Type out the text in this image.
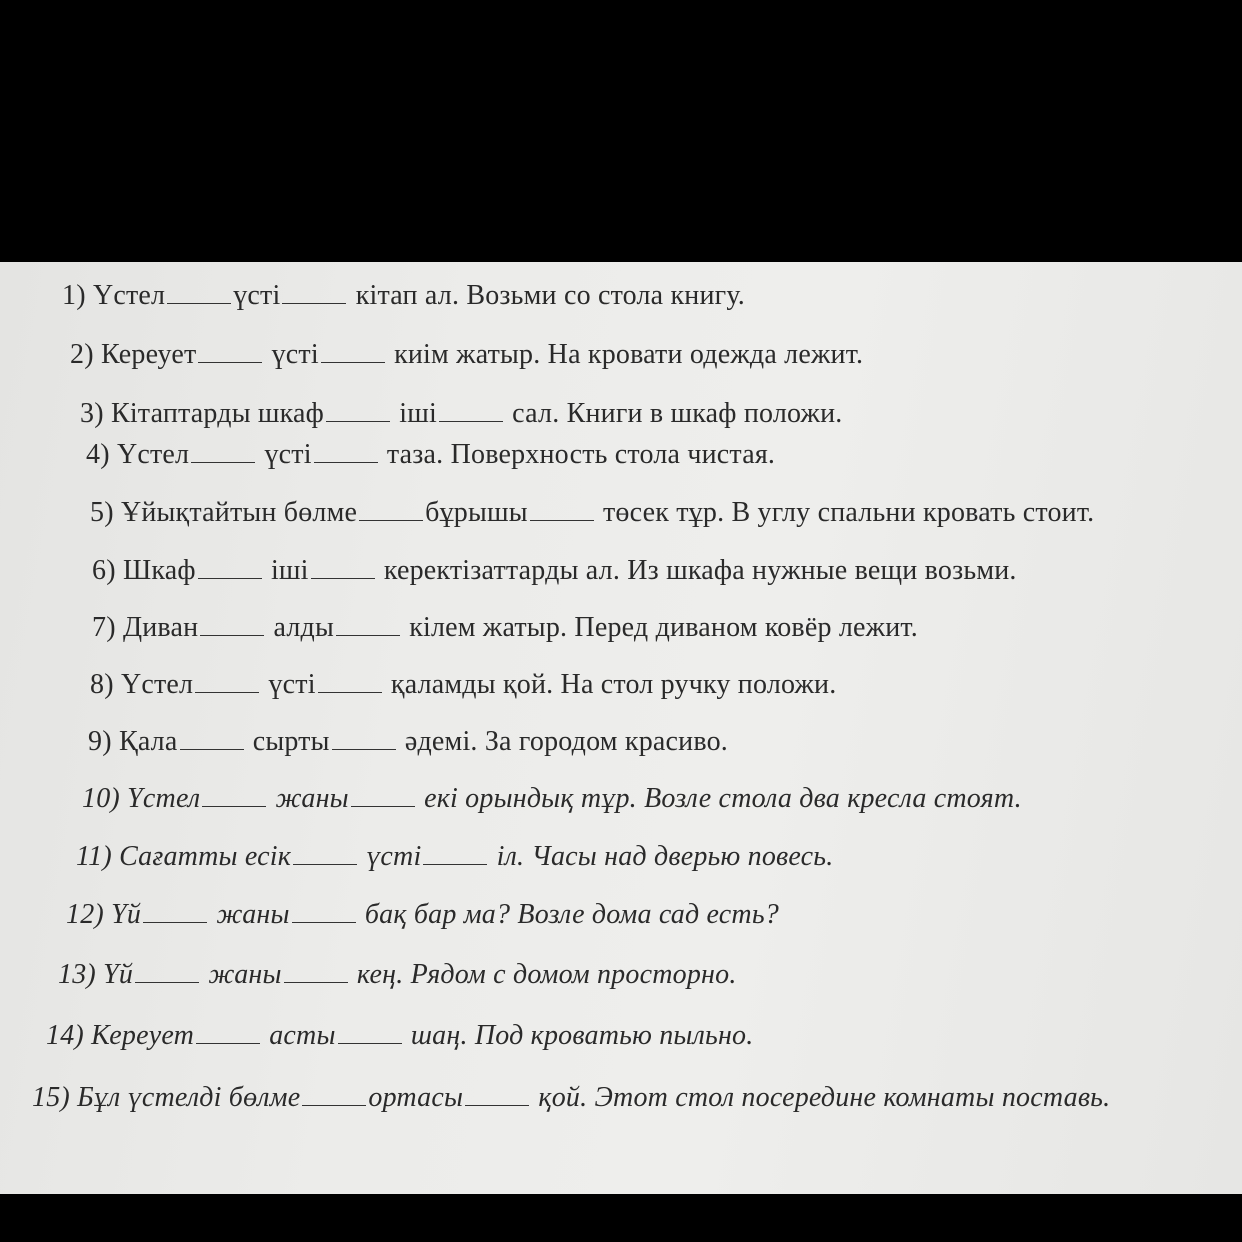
1) Үстел үсті	кітап ал. Возьми со стола книгу.
2) Кереует	үсті	киім жатыр. На кровати одежда лежит.
3) Кітаптарды шкаф	іші	сал. Книги в шкаф положи.
4) Үстел	үсті	таза. Поверхность стола чистая.
5) Ұйықтайтын бөлме бұрышы	төсек тұр. В углу спальни кровать стоит.
6) Шкаф	іші	керектізаттарды ал. Из шкафа нужные вещи возьми.
7) Диван	алды	кілем жатыр. Перед диваном ковёр лежит.
8) Үстел	үсті	қаламды қой. На стол ручку положи.
9) Қала	сырты	әдемі. За городом красиво.
10) Үстел	жаны	екі орындық тұр. Возле стола два кресла стоят.
11) Сағатты есік	үсті	іл. Часы над дверью повесь.
12) Үй	жаны	бақ бар ма? Возле дома сад есть?
13) Үй	жаны	кең. Рядом с домом просторно.
14) Кереует	асты	шаң. Под кроватью пыльно.
15) Бұл үстелді бөлме ортасы	қой. Этот стол посередине комнаты поставь.
